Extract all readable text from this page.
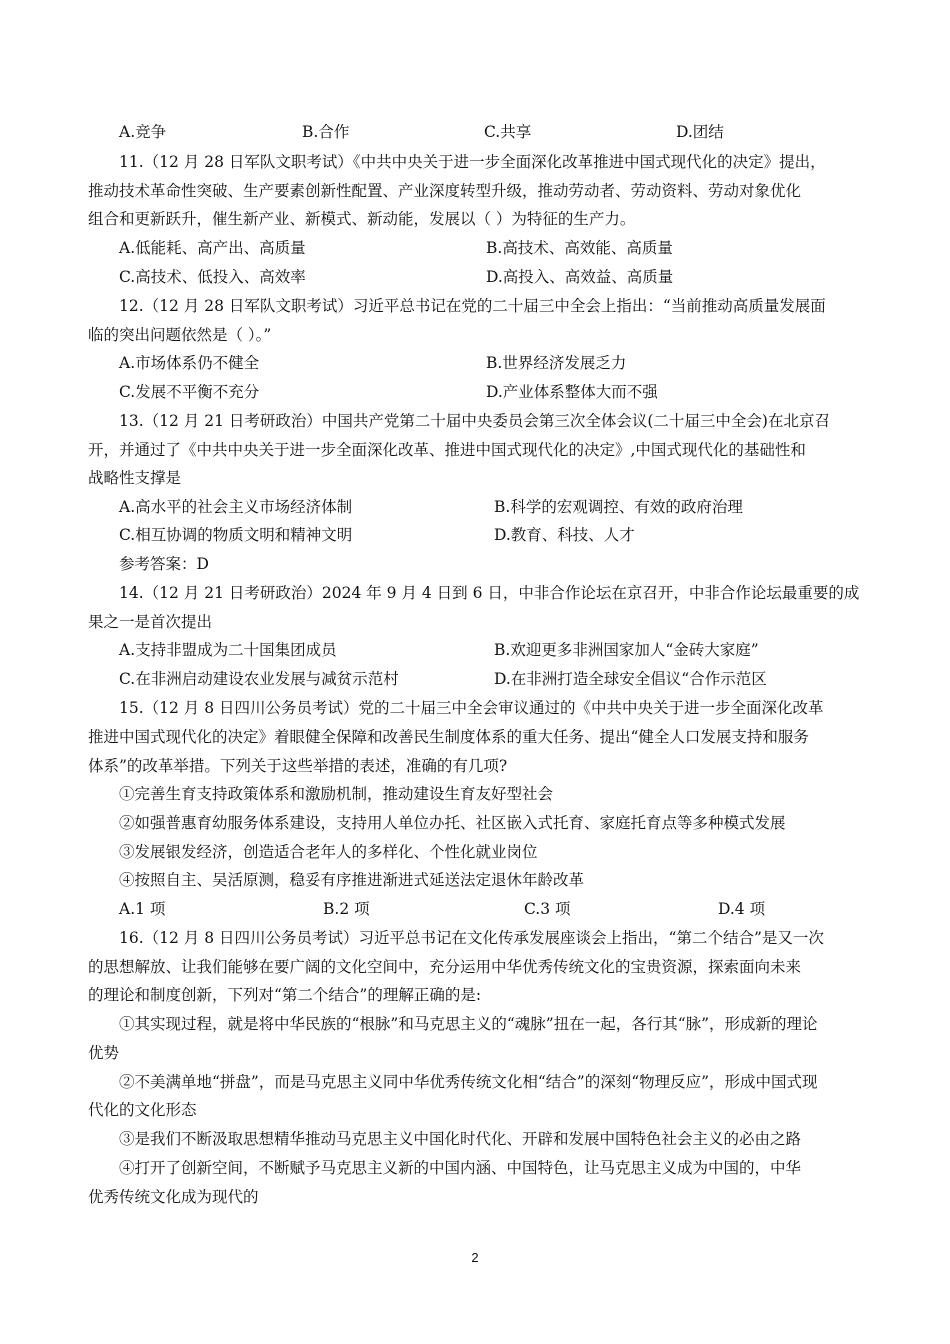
A.竞争	B.合作	C.共享	D.团结
11.（12 月 28 日军队文职考试）《中共中央关于进一步全面深化改革推进中国式现代化的决定》提出，
推动技术革命性突破、生产要素创新性配置、产业深度转型升级，推动劳动者、劳动资料、劳动对象优化
组合和更新跃升，催生新产业、新模式、新动能，发展以（ ）为特征的生产力。
A.低能耗、高产出、高质量	B.高技术、高效能、高质量
C.高技术、低投入、高效率	D.高投入、高效益、高质量
12.（12 月 28 日军队文职考试）习近平总书记在党的二十届三中全会上指出：“当前推动高质量发展面
临的突出问题依然是（ ）。”
A.市场体系仍不健全	B.世界经济发展乏力
C.发展不平衡不充分	D.产业体系整体大而不强
13.（12 月 21 日考研政治）中国共产党第二十届中央委员会第三次全体会议(二十届三中全会)在北京召
开，并通过了《中共中央关于进一步全面深化改革、推进中国式现代化的决定》,中国式现代化的基础性和
战略性支撑是
A.高水平的社会主义市场经济体制	B.科学的宏观调控、有效的政府治理
C.相互协调的物质文明和精神文明	D.教育、科技、人才
参考答案：D
14.（12 月 21 日考研政治）2024 年 9 月 4 日到 6 日，中非合作论坛在京召开，中非合作论坛最重要的成
果之一是首次提出
A.支持非盟成为二十国集团成员	B.欢迎更多非洲国家加人“金砖大家庭”
C.在非洲启动建设农业发展与减贫示范村	D.在非洲打造全球安全倡议“合作示范区
15.（12 月 8 日四川公务员考试）党的二十届三中全会审议通过的《中共中央关于进一步全面深化改革
推进中国式现代化的决定》着眼健全保障和改善民生制度体系的重大任务、提出“健全人口发展支持和服务
体系”的改革举措。下列关于这些举措的表述，准确的有几项?
①完善生育支持政策体系和激励机制，推动建设生育友好型社会
②如强普惠育幼服务体系建设，支持用人单位办托、社区嵌入式托育、家庭托育点等多种模式发展
③发展银发经济，创造适合老年人的多样化、个性化就业岗位
④按照自主、吴活原测，稳妥有序推进渐进式延送法定退休年龄改革
A.1 项	B.2 项	C.3 项	D.4 项
16.（12 月 8 日四川公务员考试）习近平总书记在文化传承发展座谈会上指出，“第二个结合”是又一次
的思想解放、让我们能够在要广阔的文化空间中，充分运用中华优秀传统文化的宝贵资源，探索面向未来
的理论和制度创新，下列对“第二个结合”的理解正确的是:
①其实现过程，就是将中华民族的“根脉”和马克思主义的“魂脉”扭在一起，各行其“脉”，形成新的理论
优势
②不美满单地“拼盘”，而是马克思主义同中华优秀传统文化相“结合”的深刻“物理反应”，形成中国式现
代化的文化形态
③是我们不断汲取思想精华推动马克思主义中国化时代化、开辟和发展中国特色社会主义的必由之路
④打开了创新空间，不断赋予马克思主义新的中国内涵、中国特色，让马克思主义成为中国的，中华
优秀传统文化成为现代的
2
